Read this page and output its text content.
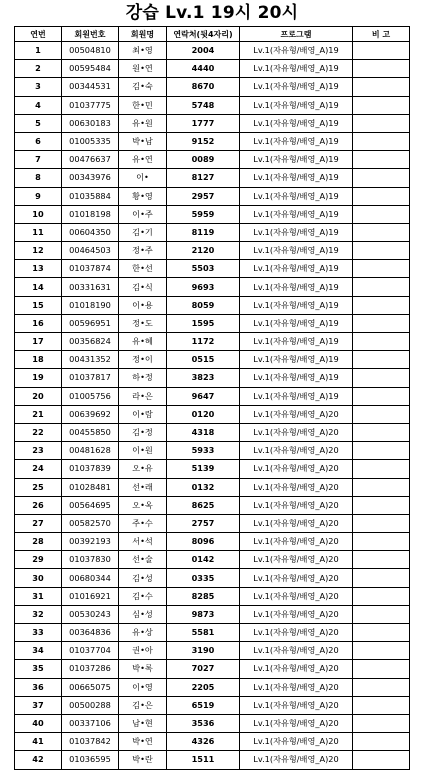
강습 Lv.1 19시 20시
연번	회원번호	회원명	연락처(뒷4자리)	프로그램	비 고
1	00504810	최•영	2004	Lv.1(자유형/배영_A)19	
2	00595484	원•연	4440	Lv.1(자유형/배영_A)19	
3	00344531	김•숙	8670	Lv.1(자유형/배영_A)19	
4	01037775	한•민	5748	Lv.1(자유형/배영_A)19	
5	00630183	유•원	1777	Lv.1(자유형/배영_A)19	
6	01005335	박•남	9152	Lv.1(자유형/배영_A)19	
7	00476637	유•연	0089	Lv.1(자유형/배영_A)19	
8	00343976	이•	8127	Lv.1(자유형/배영_A)19	
9	01035884	황•영	2957	Lv.1(자유형/배영_A)19	
10	01018198	이•주	5959	Lv.1(자유형/배영_A)19	
11	00604350	김•기	8119	Lv.1(자유형/배영_A)19	
12	00464503	정•주	2120	Lv.1(자유형/배영_A)19	
13	01037874	한•선	5503	Lv.1(자유형/배영_A)19	
14	00331631	김•식	9693	Lv.1(자유형/배영_A)19	
15	01018190	이•용	8059	Lv.1(자유형/배영_A)19	
16	00596951	정•도	1595	Lv.1(자유형/배영_A)19	
17	00356824	유•혜	1172	Lv.1(자유형/배영_A)19	
18	00431352	정•이	0515	Lv.1(자유형/배영_A)19	
19	01037817	하•정	3823	Lv.1(자유형/배영_A)19	
20	01005756	라•은	9647	Lv.1(자유형/배영_A)19	
21	00639692	이•람	0120	Lv.1(자유형/배영_A)20	
22	00455850	김•정	4318	Lv.1(자유형/배영_A)20	
23	00481628	이•원	5933	Lv.1(자유형/배영_A)20	
24	01037839	오•유	5139	Lv.1(자유형/배영_A)20	
25	01028481	선•래	0132	Lv.1(자유형/배영_A)20	
26	00564695	오•옥	8625	Lv.1(자유형/배영_A)20	
27	00582570	주•수	2757	Lv.1(자유형/배영_A)20	
28	00392193	서•석	8096	Lv.1(자유형/배영_A)20	
29	01037830	선•술	0142	Lv.1(자유형/배영_A)20	
30	00680344	김•성	0335	Lv.1(자유형/배영_A)20	
31	01016921	김•수	8285	Lv.1(자유형/배영_A)20	
32	00530243	심•성	9873	Lv.1(자유형/배영_A)20	
33	00364836	유•상	5581	Lv.1(자유형/배영_A)20	
34	01037704	권•아	3190	Lv.1(자유형/배영_A)20	
35	01037286	박•록	7027	Lv.1(자유형/배영_A)20	
36	00665075	이•영	2205	Lv.1(자유형/배영_A)20	
37	00500288	김•은	6519	Lv.1(자유형/배영_A)20	
40	00337106	남•현	3536	Lv.1(자유형/배영_A)20	
41	01037842	박•연	4326	Lv.1(자유형/배영_A)20	
42	01036595	박•란	1511	Lv.1(자유형/배영_A)20	
